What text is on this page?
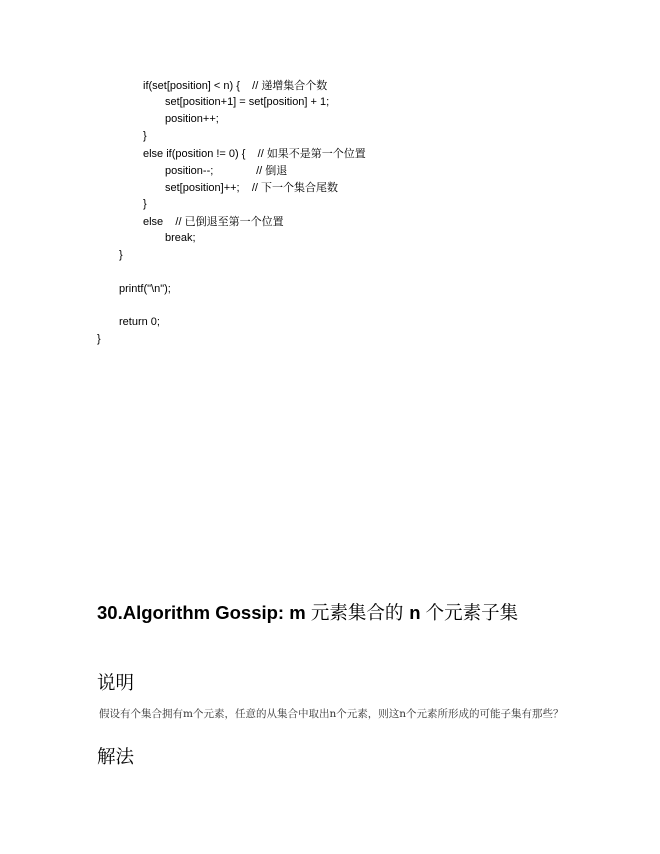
if(set[position] < n) {    // 递增集合个数
set[position+1] = set[position] + 1;
position++;
}
else if(position != 0) {    // 如果不是第一个位置
position--;              // 倒退
set[position]++;    // 下一个集合尾数
}
else    // 已倒退至第一个位置
break;
}
printf("\n");
return 0;
}
30.Algorithm Gossip: m 元素集合的 n 个元素子集
说明
假设有个集合拥有m个元素，任意的从集合中取出n个元素，则这n个元素所形成的可能子集有那些？
解法
